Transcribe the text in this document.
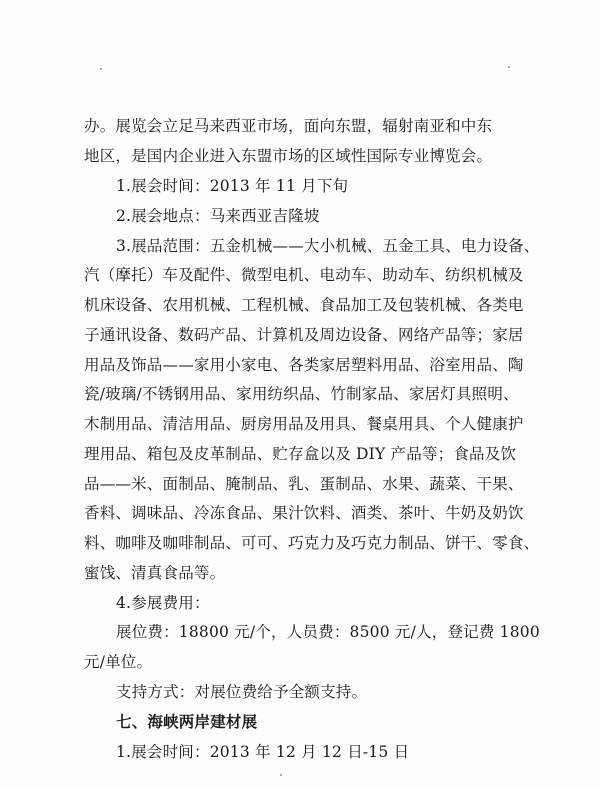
办。展览会立足马来西亚市场，面向东盟，辐射南亚和中东
地区，是国内企业进入东盟市场的区域性国际专业博览会。
1.展会时间：2013 年 11 月下旬
2.展会地点：马来西亚吉隆坡
3.展品范围：五金机械——大小机械、五金工具、电力设备、
汽（摩托）车及配件、微型电机、电动车、助动车、纺织机械及
机床设备、农用机械、工程机械、食品加工及包装机械、各类电
子通讯设备、数码产品、计算机及周边设备、网络产品等；家居
用品及饰品——家用小家电、各类家居塑料用品、浴室用品、陶
瓷/玻璃/不锈钢用品、家用纺织品、竹制家品、家居灯具照明、
木制用品、清洁用品、厨房用品及用具、餐桌用具、个人健康护
理用品、箱包及皮革制品、贮存盒以及 DIY 产品等；食品及饮
品——米、面制品、腌制品、乳、蛋制品、水果、蔬菜、干果、
香料、调味品、冷冻食品、果汁饮料、酒类、茶叶、牛奶及奶饮
料、咖啡及咖啡制品、可可、巧克力及巧克力制品、饼干、零食、
蜜饯、清真食品等。
4.参展费用：
展位费：18800 元/个，人员费：8500 元/人，登记费 1800
元/单位。
支持方式：对展位费给予全额支持。
七、海峡两岸建材展
1.展会时间：2013 年 12 月 12 日-15 日
